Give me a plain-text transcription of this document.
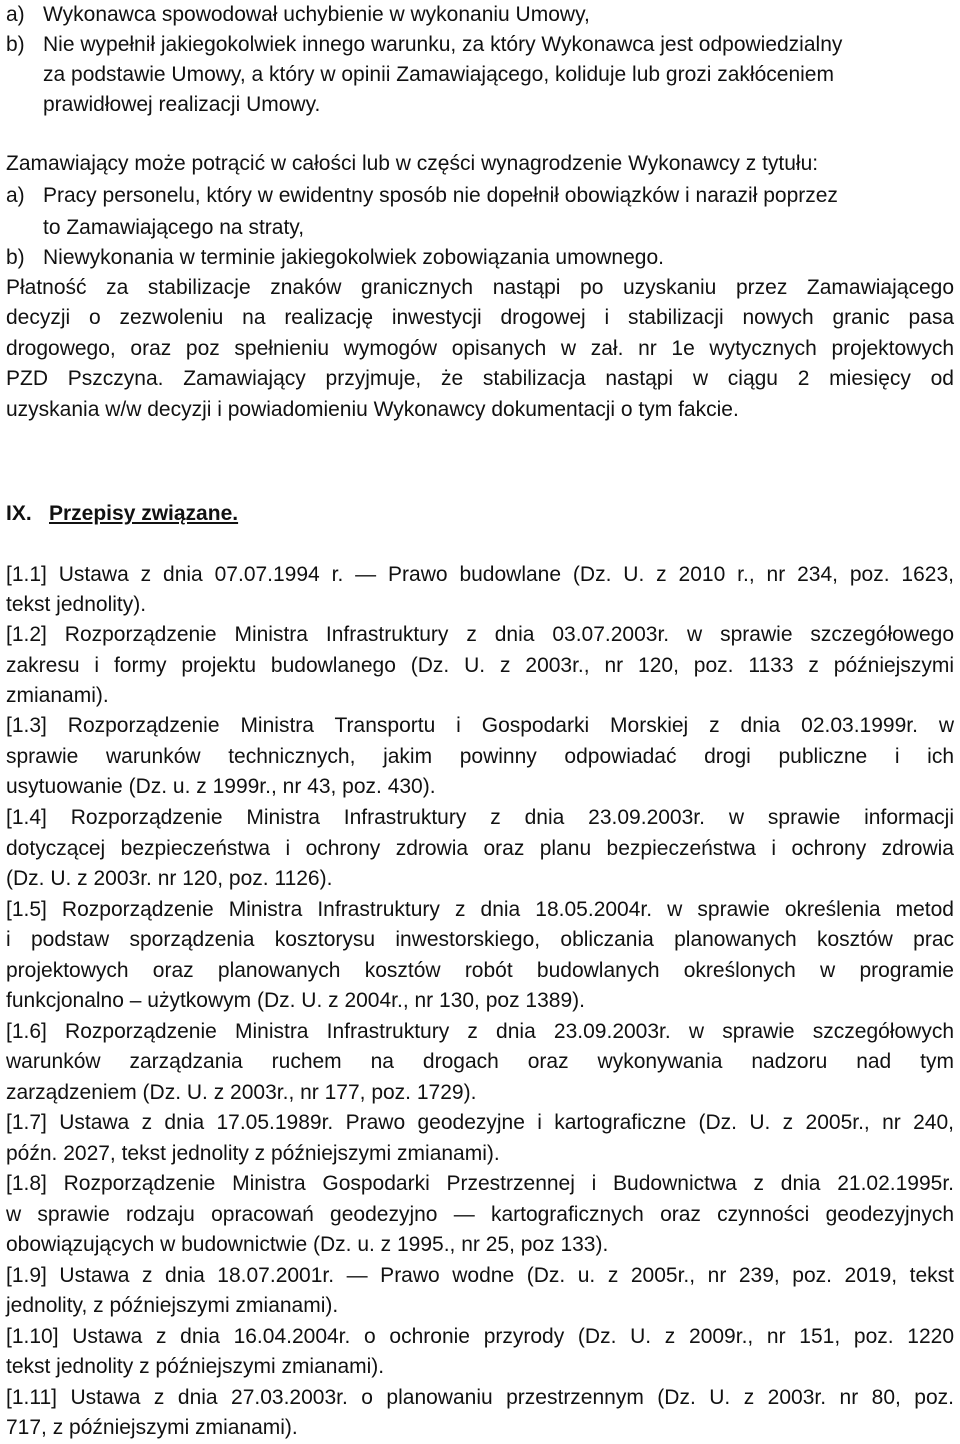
a) Wykonawca spowodował uchybienie w wykonaniu Umowy,
b) Nie wypełnił jakiegokolwiek innego warunku, za który Wykonawca jest odpowiedzialny
za podstawie Umowy, a który w opinii Zamawiającego, koliduje lub grozi zakłóceniem
prawidłowej realizacji Umowy.
Zamawiający może potrącić w całości lub w części wynagrodzenie Wykonawcy z tytułu:
a) Pracy personelu, który w ewidentny sposób nie dopełnił obowiązków i naraził poprzez
to Zamawiającego na straty,
b) Niewykonania w terminie jakiegokolwiek zobowiązania umownego.
Płatność za stabilizacje znaków granicznych nastąpi po uzyskaniu przez Zamawiającego
decyzji o zezwoleniu na realizację inwestycji drogowej i stabilizacji nowych granic pasa
drogowego, oraz poz spełnieniu wymogów opisanych w zał. nr 1e wytycznych projektowych
PZD Pszczyna. Zamawiający przyjmuje, że stabilizacja nastąpi w ciągu 2 miesięcy od
uzyskania w/w decyzji i powiadomieniu Wykonawcy dokumentacji o tym fakcie.
IX. Przepisy związane.
[1.1] Ustawa z dnia 07.07.1994 r. — Prawo budowlane (Dz. U. z 2010 r., nr 234, poz. 1623,
tekst jednolity).
[1.2] Rozporządzenie Ministra Infrastruktury z dnia 03.07.2003r. w sprawie szczegółowego
zakresu i formy projektu budowlanego (Dz. U. z 2003r., nr 120, poz. 1133 z późniejszymi
zmianami).
[1.3] Rozporządzenie Ministra Transportu i Gospodarki Morskiej z dnia 02.03.1999r. w
sprawie warunków technicznych, jakim powinny odpowiadać drogi publiczne i ich
usytuowanie (Dz. u. z 1999r., nr 43, poz. 430).
[1.4] Rozporządzenie Ministra Infrastruktury z dnia 23.09.2003r. w sprawie informacji
dotyczącej bezpieczeństwa i ochrony zdrowia oraz planu bezpieczeństwa i ochrony zdrowia
(Dz. U. z 2003r. nr 120, poz. 1126).
[1.5] Rozporządzenie Ministra Infrastruktury z dnia 18.05.2004r. w sprawie określenia metod
i podstaw sporządzenia kosztorysu inwestorskiego, obliczania planowanych kosztów prac
projektowych oraz planowanych kosztów robót budowlanych określonych w programie
funkcjonalno – użytkowym (Dz. U. z 2004r., nr 130, poz 1389).
[1.6] Rozporządzenie Ministra Infrastruktury z dnia 23.09.2003r. w sprawie szczegółowych
warunków zarządzania ruchem na drogach oraz wykonywania nadzoru nad tym
zarządzeniem (Dz. U. z 2003r., nr 177, poz. 1729).
[1.7] Ustawa z dnia 17.05.1989r. Prawo geodezyjne i kartograficzne (Dz. U. z 2005r., nr 240,
późn. 2027, tekst jednolity z późniejszymi zmianami).
[1.8] Rozporządzenie Ministra Gospodarki Przestrzennej i Budownictwa z dnia 21.02.1995r.
w sprawie rodzaju opracowań geodezyjno — kartograficznych oraz czynności geodezyjnych
obowiązujących w budownictwie (Dz. u. z 1995., nr 25, poz 133).
[1.9] Ustawa z dnia 18.07.2001r. — Prawo wodne (Dz. u. z 2005r., nr 239, poz. 2019, tekst
jednolity, z późniejszymi zmianami).
[1.10] Ustawa z dnia 16.04.2004r. o ochronie przyrody (Dz. U. z 2009r., nr 151, poz. 1220
tekst jednolity z późniejszymi zmianami).
[1.11] Ustawa z dnia 27.03.2003r. o planowaniu przestrzennym (Dz. U. z 2003r. nr 80, poz.
717, z późniejszymi zmianami).
